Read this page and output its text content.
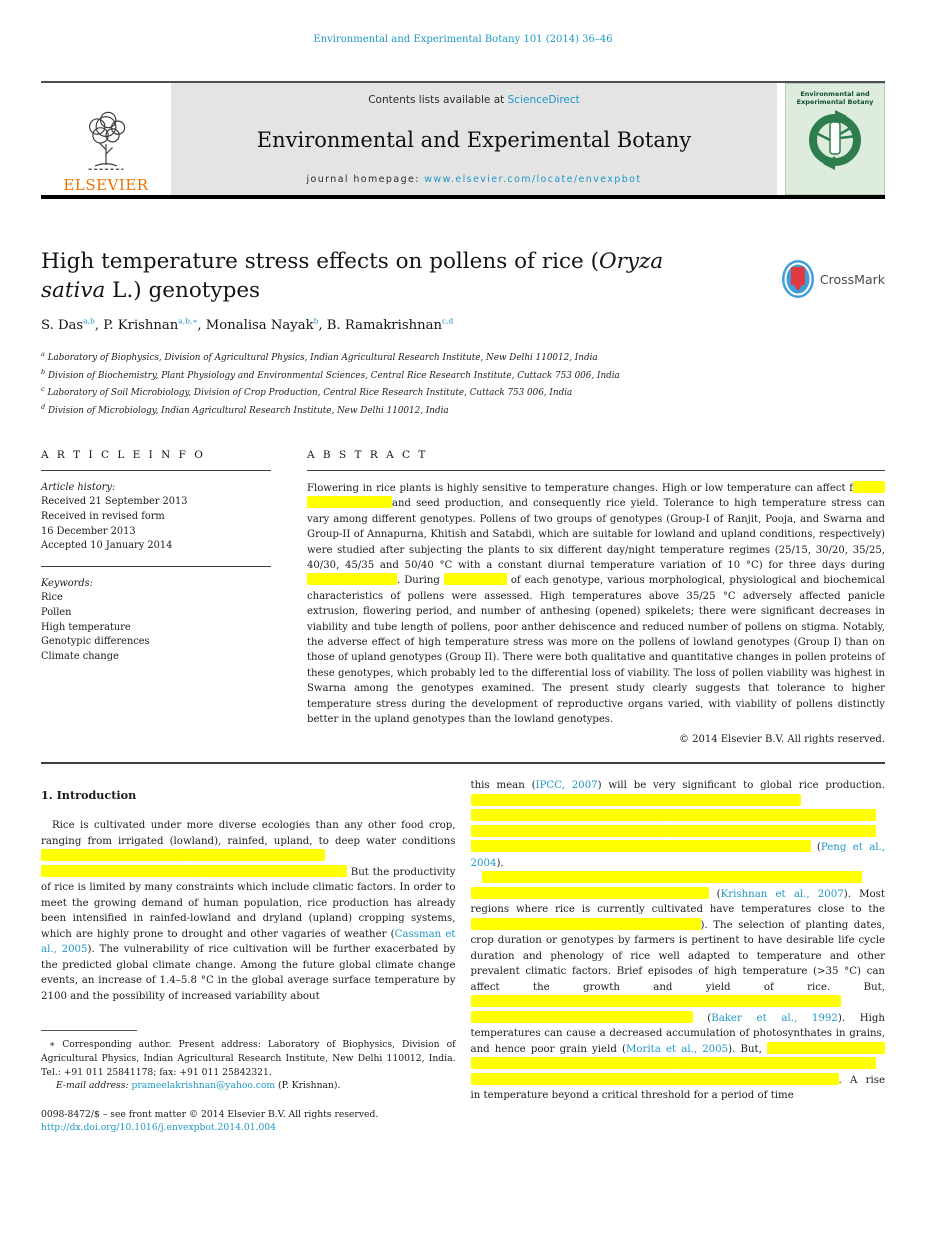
Environmental and Experimental Botany 101 (2014) 36–46
ELSEVIER
Contents lists available at ScienceDirect
Environmental and Experimental Botany
journal homepage: www.elsevier.com/locate/envexpbot
Environmental and Experimental Botany
High temperature stress effects on pollens of rice (Oryza sativa L.) genotypes	CrossMark
S. Das$^{a,b}$, P. Krishnan$^{a,b,∗}$, Monalisa Nayak$^b$, B. Ramakrishnan$^{c,d}$
$^a$ Laboratory of Biophysics, Division of Agricultural Physics, Indian Agricultural Research Institute, New Delhi 110012, India
$^b$ Division of Biochemistry, Plant Physiology and Environmental Sciences, Central Rice Research Institute, Cuttack 753 006, India
$^c$ Laboratory of Soil Microbiology, Division of Crop Production, Central Rice Research Institute, Cuttack 753 006, India
$^d$ Division of Microbiology, Indian Agricultural Research Institute, New Delhi 110012, India
A R T I C L E I N F O
Article history:
Received 21 September 2013
Received in revised form
16 December 2013
Accepted 10 January 2014
Keywords:
Rice
Pollen
High temperature
Genotypic differences
Climate change
A B S T R A C T
Flowering in rice plants is highly sensitive to temperature changes. High or low temperature can affect f and seed production, and consequently rice yield. Tolerance to high temperature stress can vary among different genotypes. Pollens of two groups of genotypes (Group-I of Ranjit, Pooja, and Swarna and Group-II of Annapurna, Khitish and Satabdi, which are suitable for lowland and upland conditions, respectively) were studied after subjecting the plants to six different day/night temperature regimes (25/15, 30/20, 35/25, 40/30, 45/35 and 50/40 °C with a constant diurnal temperature variation of 10 °C) for three days during . During	of each genotype, various morphological, physiological and biochemical characteristics of pollens were assessed. High temperatures above 35/25 °C adversely affected panicle extrusion, flowering period, and number of anthesing (opened) spikelets; there were significant decreases in viability and tube length of pollens, poor anther dehiscence and reduced number of pollens on stigma. Notably, the adverse effect of high temperature stress was more on the pollens of lowland genotypes (Group I) than on those of upland genotypes (Group II). There were both qualitative and quantitative changes in pollen proteins of these genotypes, which probably led to the differential loss of viability. The loss of pollen viability was highest in Swarna among the genotypes examined. The present study clearly suggests that tolerance to higher temperature stress during the development of reproductive organs varied, with viability of pollens distinctly better in the upland genotypes than the lowland genotypes.
© 2014 Elsevier B.V. All rights reserved.
1. Introduction

Rice is cultivated under more diverse ecologies than any other food crop, ranging from irrigated (lowland), rainfed, upland, to deep water conditions  But the productivity of rice is limited by many constraints which include climatic factors. In order to meet the growing demand of human population, rice production has already been intensified in rainfed-lowland and dryland (upland) cropping systems, which are highly prone to drought and other vagaries of weather (Cassman et al., 2005). The vulnerability of rice cultivation will be further exacerbated by the predicted global climate change. Among the future global climate change events, an increase of 1.4–5.8 °C in the global average surface temperature by 2100 and the possibility of increased variability about

∗ Corresponding author. Present address: Laboratory of Biophysics, Division of Agricultural Physics, Indian Agricultural Research Institute, New Delhi 110012, India. Tel.: +91 011 25841178; fax: +91 011 25842321.
E-mail address: prameelakrishnan@yahoo.com (P. Krishnan).
0098-8472/$ – see front matter © 2014 Elsevier B.V. All rights reserved.
http://dx.doi.org/10.1016/j.envexpbot.2014.01.004

this mean (IPCC, 2007) will be very significant to global rice production.  (Peng et al., 2004).

(Krishnan et al., 2007). Most regions where rice is currently cultivated have temperatures close to the ). The selection of planting dates, crop duration or genotypes by farmers is pertinent to have desirable life cycle duration and phenology of rice well adapted to temperature and other prevalent climatic factors. Brief episodes of high temperature (>35 °C) can affect the growth and yield of rice. But,  (Baker et al., 1992). High temperatures can cause a decreased accumulation of photosynthates in grains, and hence poor grain yield (Morita et al., 2005). But, . A rise in temperature beyond a critical threshold for a period of time
